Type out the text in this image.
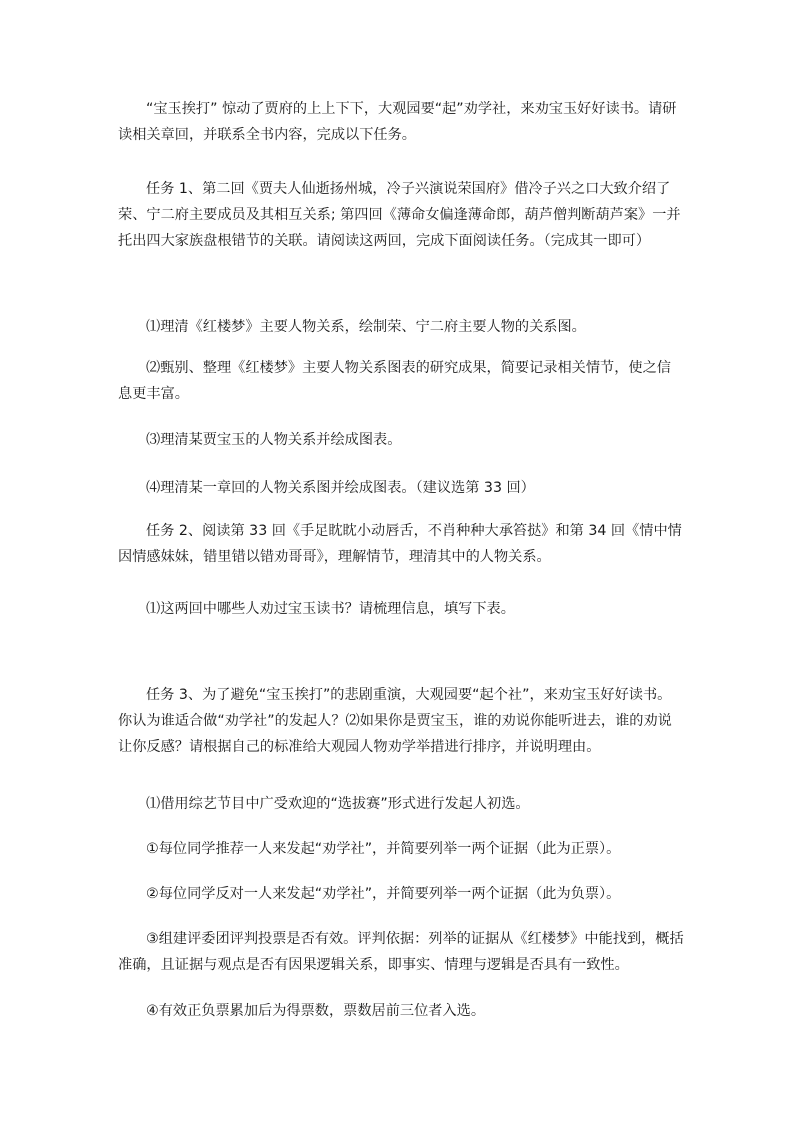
“宝玉挨打” 惊动了贾府的上上下下，大观园要“起”劝学社，来劝宝玉好好读书。请研读相关章回，并联系全书内容，完成以下任务。

任务 1、第二回《贾夫人仙逝扬州城，冷子兴演说荣国府》借冷子兴之口大致介绍了荣、宁二府主要成员及其相互关系; 第四回《薄命女偏逢薄命郎，葫芦僧判断葫芦案》一并托出四大家族盘根错节的关联。请阅读这两回，完成下面阅读任务。（完成其一即可）

⑴理清《红楼梦》主要人物关系，绘制荣、宁二府主要人物的关系图。

⑵甄别、整理《红楼梦》主要人物关系图表的研究成果，简要记录相关情节，使之信息更丰富。

⑶理清某贾宝玉的人物关系并绘成图表。

⑷理清某一章回的人物关系图并绘成图表。（建议选第 33 回）

任务 2、阅读第 33 回《手足眈眈小动唇舌，不肖种种大承笞挞》和第 34 回《情中情因情感妹妹，错里错以错劝哥哥》，理解情节，理清其中的人物关系。

⑴这两回中哪些人劝过宝玉读书？请梳理信息，填写下表。

任务 3、为了避免“宝玉挨打”的悲剧重演，大观园要“起个社”，来劝宝玉好好读书。你认为谁适合做“劝学社”的发起人？⑵如果你是贾宝玉，谁的劝说你能听进去，谁的劝说让你反感？请根据自己的标准给大观园人物劝学举措进行排序，并说明理由。

⑴借用综艺节目中广受欢迎的“选拔赛”形式进行发起人初选。

①每位同学推荐一人来发起“劝学社”，并简要列举一两个证据（此为正票）。

②每位同学反对一人来发起“劝学社”，并简要列举一两个证据（此为负票）。

③组建评委团评判投票是否有效。评判依据：列举的证据从《红楼梦》中能找到，概括准确，且证据与观点是否有因果逻辑关系，即事实、情理与逻辑是否具有一致性。

④有效正负票累加后为得票数，票数居前三位者入选。
